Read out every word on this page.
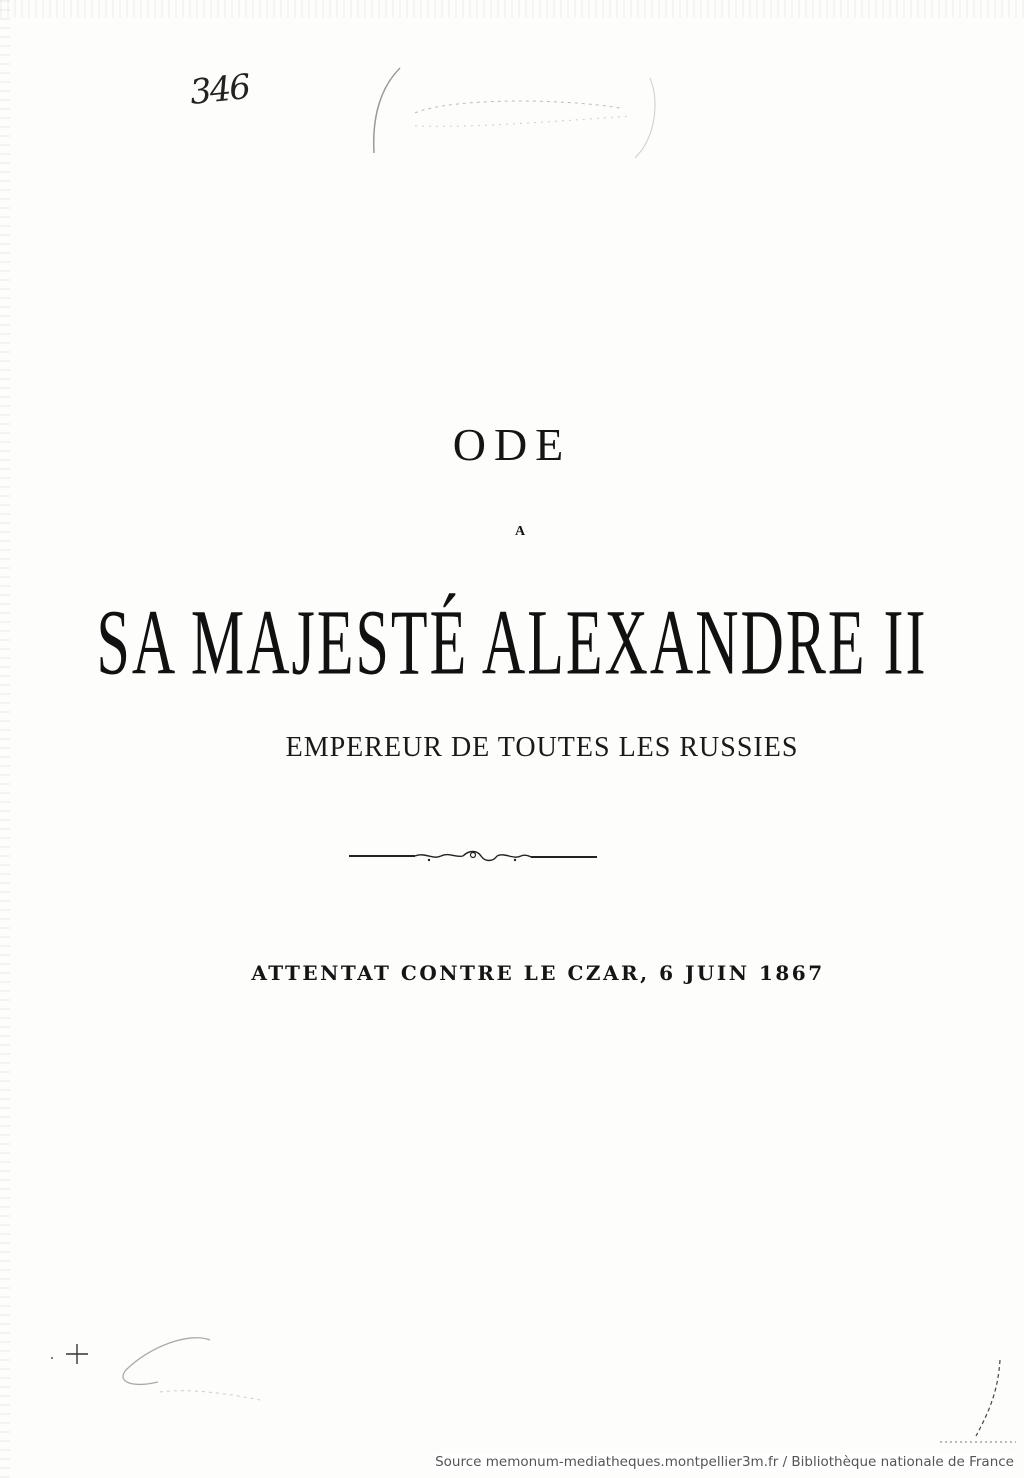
346
ODE
A
SA MAJESTÉ ALEXANDRE II
EMPEREUR DE TOUTES LES RUSSIES
ATTENTAT CONTRE LE CZAR, 6 JUIN 1867
Source memonum-mediatheques.montpellier3m.fr / Bibliothèque nationale de France
